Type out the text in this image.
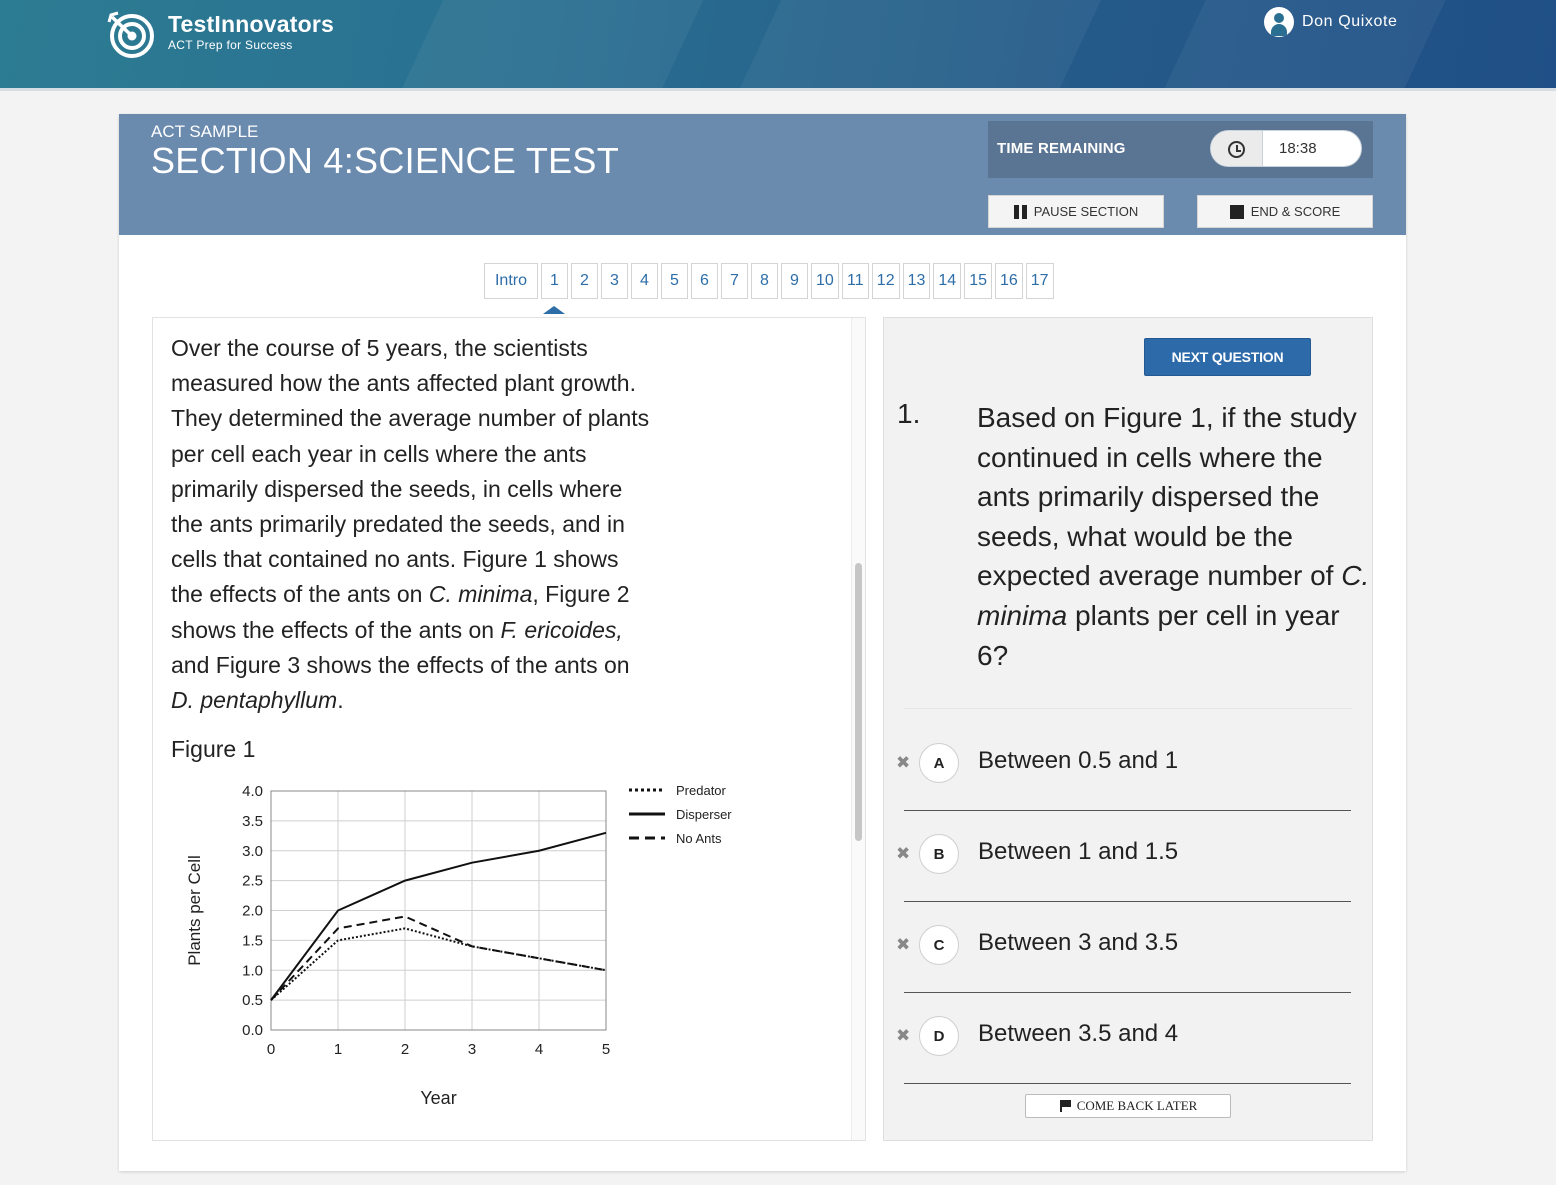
TestInnovators
ACT Prep for Success
Don Quixote
ACT SAMPLE
SECTION 4:SCIENCE TEST	TIME REMAINING	18:38
PAUSE SECTION	END & SCORE
Intro	1	2	3	4	5	6	7	8	9	10 11 12 13 14 15 16 17
Over the course of 5 years, the scientists
measured how the ants affected plant growth.
They determined the average number of plants
per cell each year in cells where the ants
primarily dispersed the seeds, in cells where
the ants primarily predated the seeds, and in
cells that contained no ants. Figure 1 shows
the effects of the ants on C. minima, Figure 2
shows the effects of the ants on F. ericoides,
and Figure 3 shows the effects of the ants on
D. pentaphyllum.
Figure 1
0.0
0.5
1.0
1.5
2.0
2.5
3.0
3.5
4.0
0	1	2	3	4	5
Year
Plants per Cell
Predator
Disperser
No Ants
NEXT QUESTION
1. Based on Figure 1, if the study continued in cells where the ants primarily dispersed the seeds, what would be the expected average number of C. minima plants per cell in year 6?
✖	A	Between 0.5 and 1
✖	B	Between 1 and 1.5
✖	C	Between 3 and 3.5
✖	D	Between 3.5 and 4
COME BACK LATER
